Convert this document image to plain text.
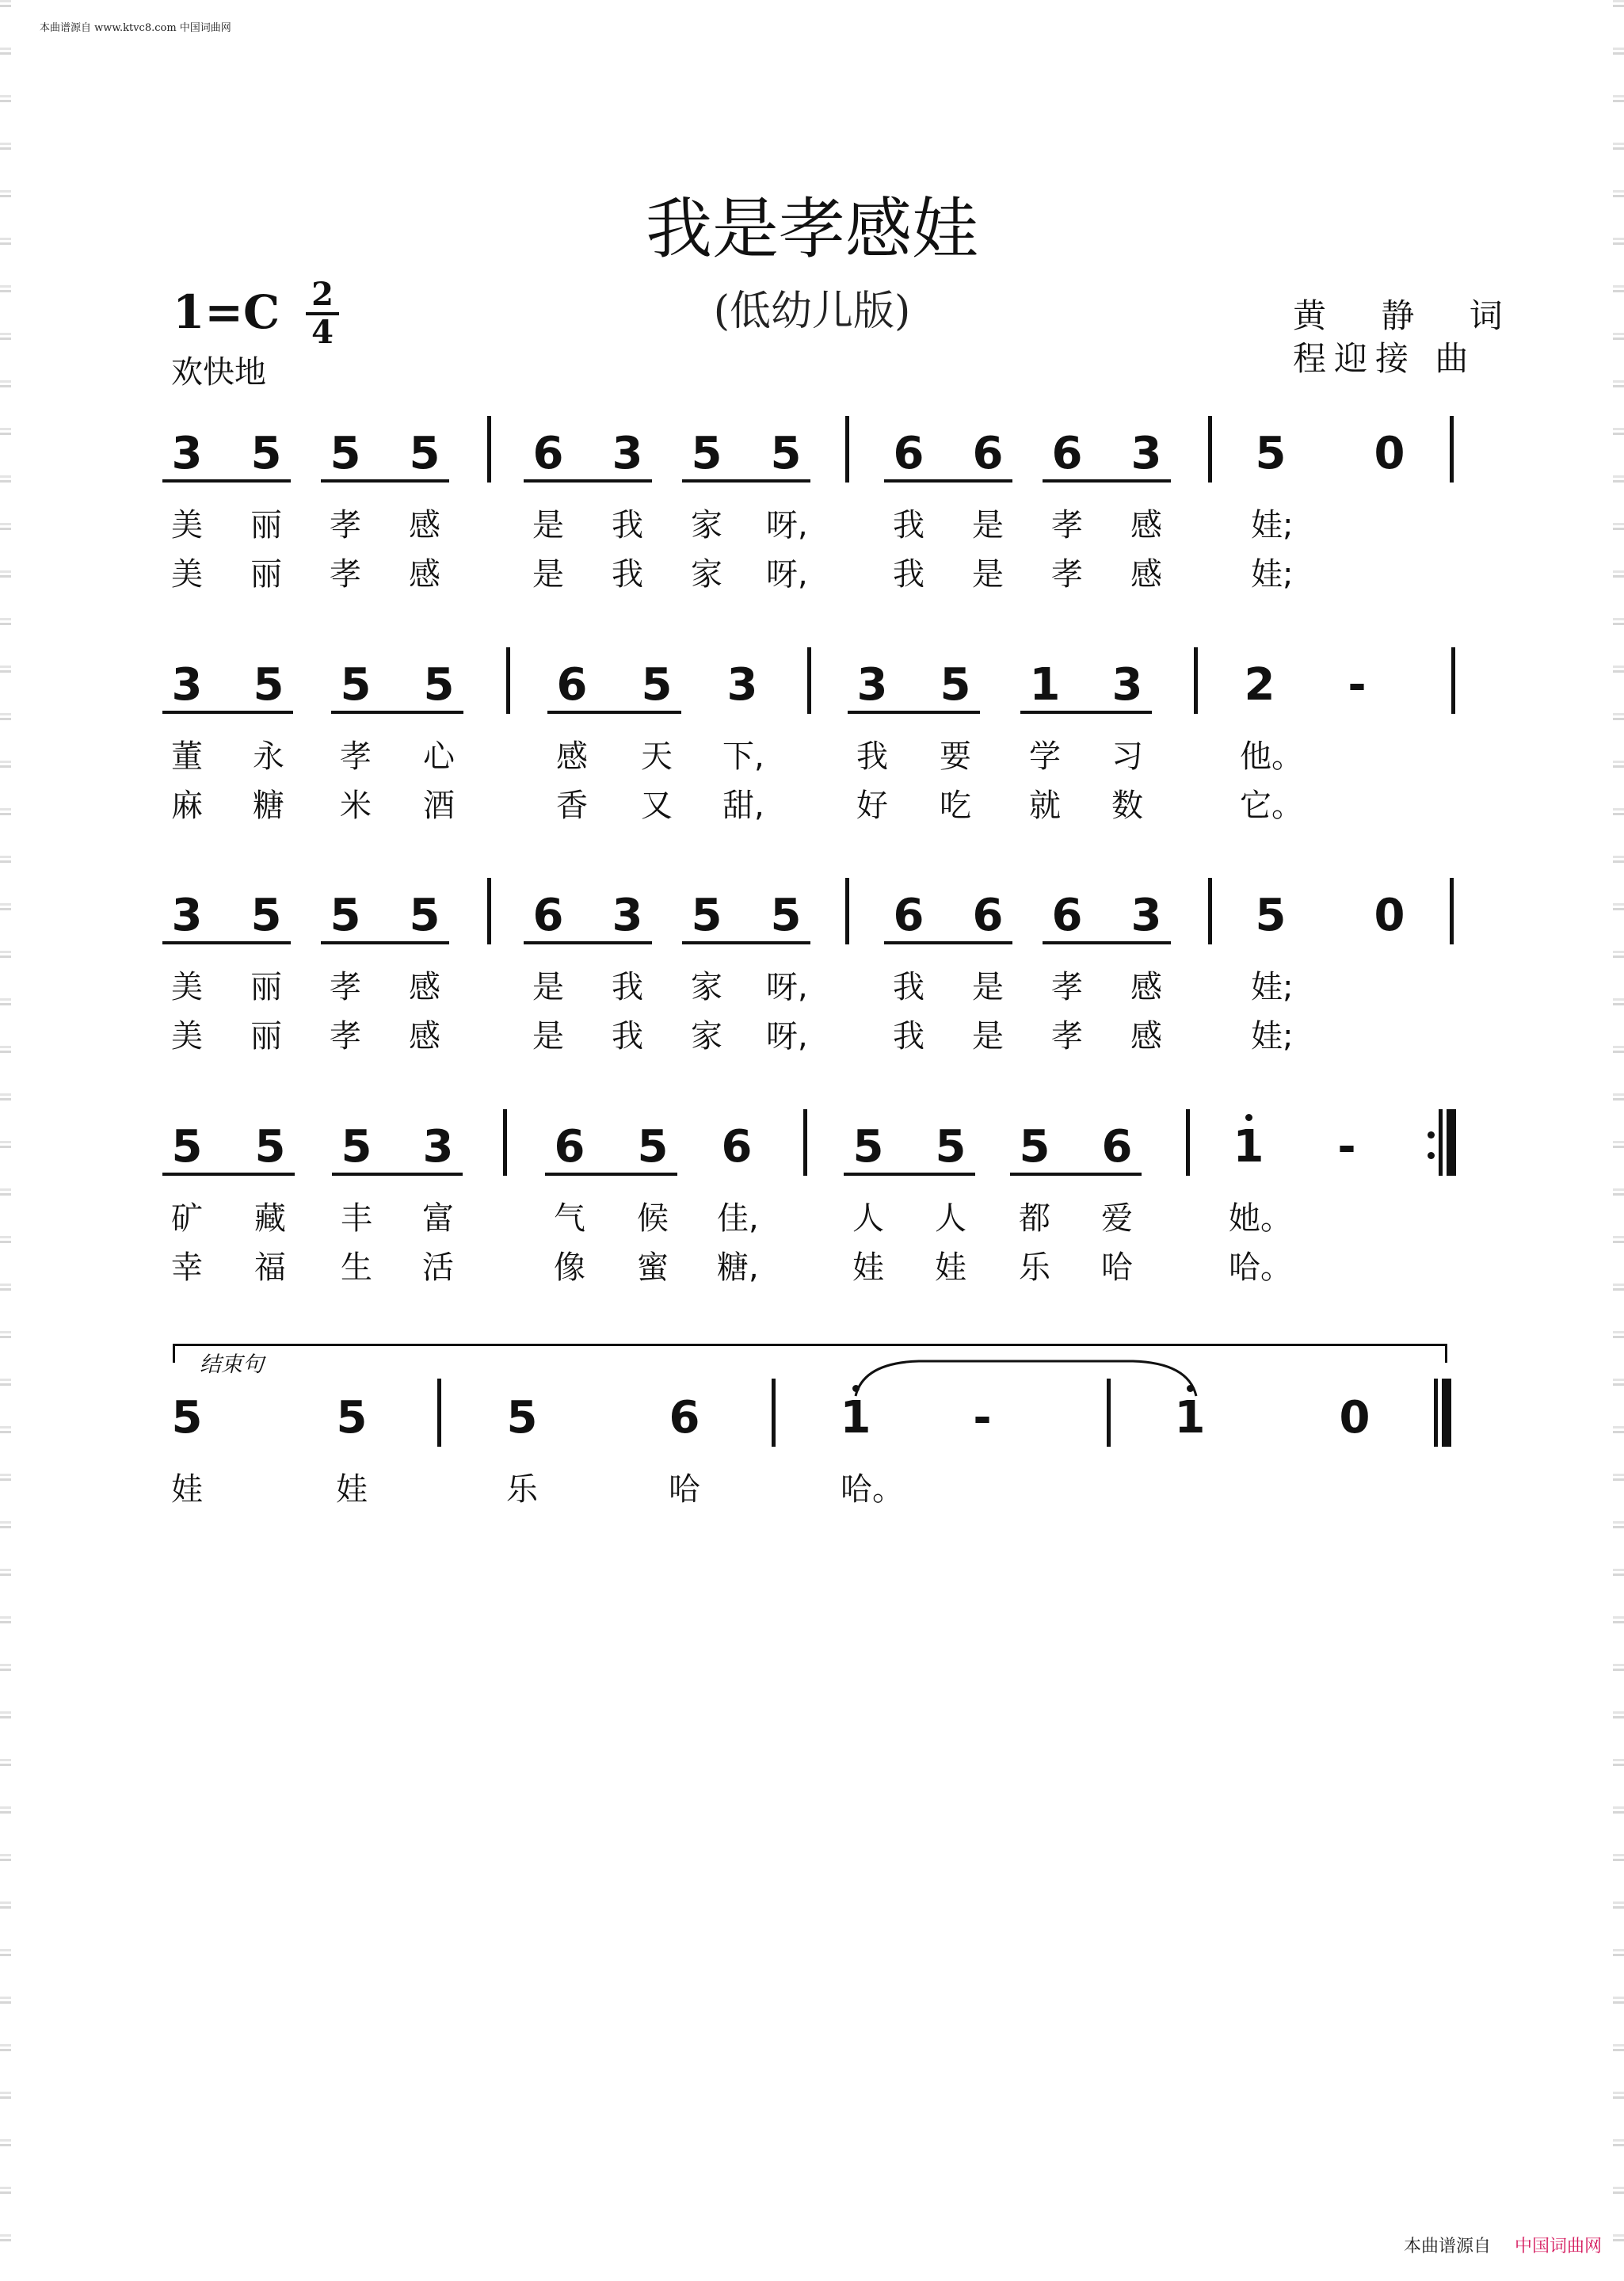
本曲谱源自 www.ktvc8.com 中国词曲网
我是孝感娃
(低幼儿版)
1=C 2
4
欢快地
黄 静 词
程迎接 曲
3 5 5 5 6 3 5 5 6 6 6 3 5 0
美 丽 孝 感	是 我 家 呀,	我 是 孝 感	娃;
美 丽 孝 感	是 我 家 呀,	我 是 孝 感	娃;
3 5 5 5 6 5 3 3 5 1 3 2	-
董 永 孝 心	感 天 下,	我 要 学 习	他。
麻 糖 米 酒	香 又 甜,	好 吃 就 数	它。
3 5 5 5 6 3 5 5 6 6 6 3 5 0
美 丽 孝 感	是 我 家 呀,	我 是 孝 感	娃;
美 丽 孝 感	是 我 家 呀,	我 是 孝 感	娃;
5 5 5 3 6 5 6 5 5 5 6 1	-
矿 藏 丰 富	气 候 佳,	人 人 都 爱	她。
幸 福 生 活	像 蜜 糖,	娃 娃 乐 哈	哈。
5	5	5	6	1	-	1	0
娃	娃	乐	哈	哈。
结束句
本曲谱源自 中国词曲网
